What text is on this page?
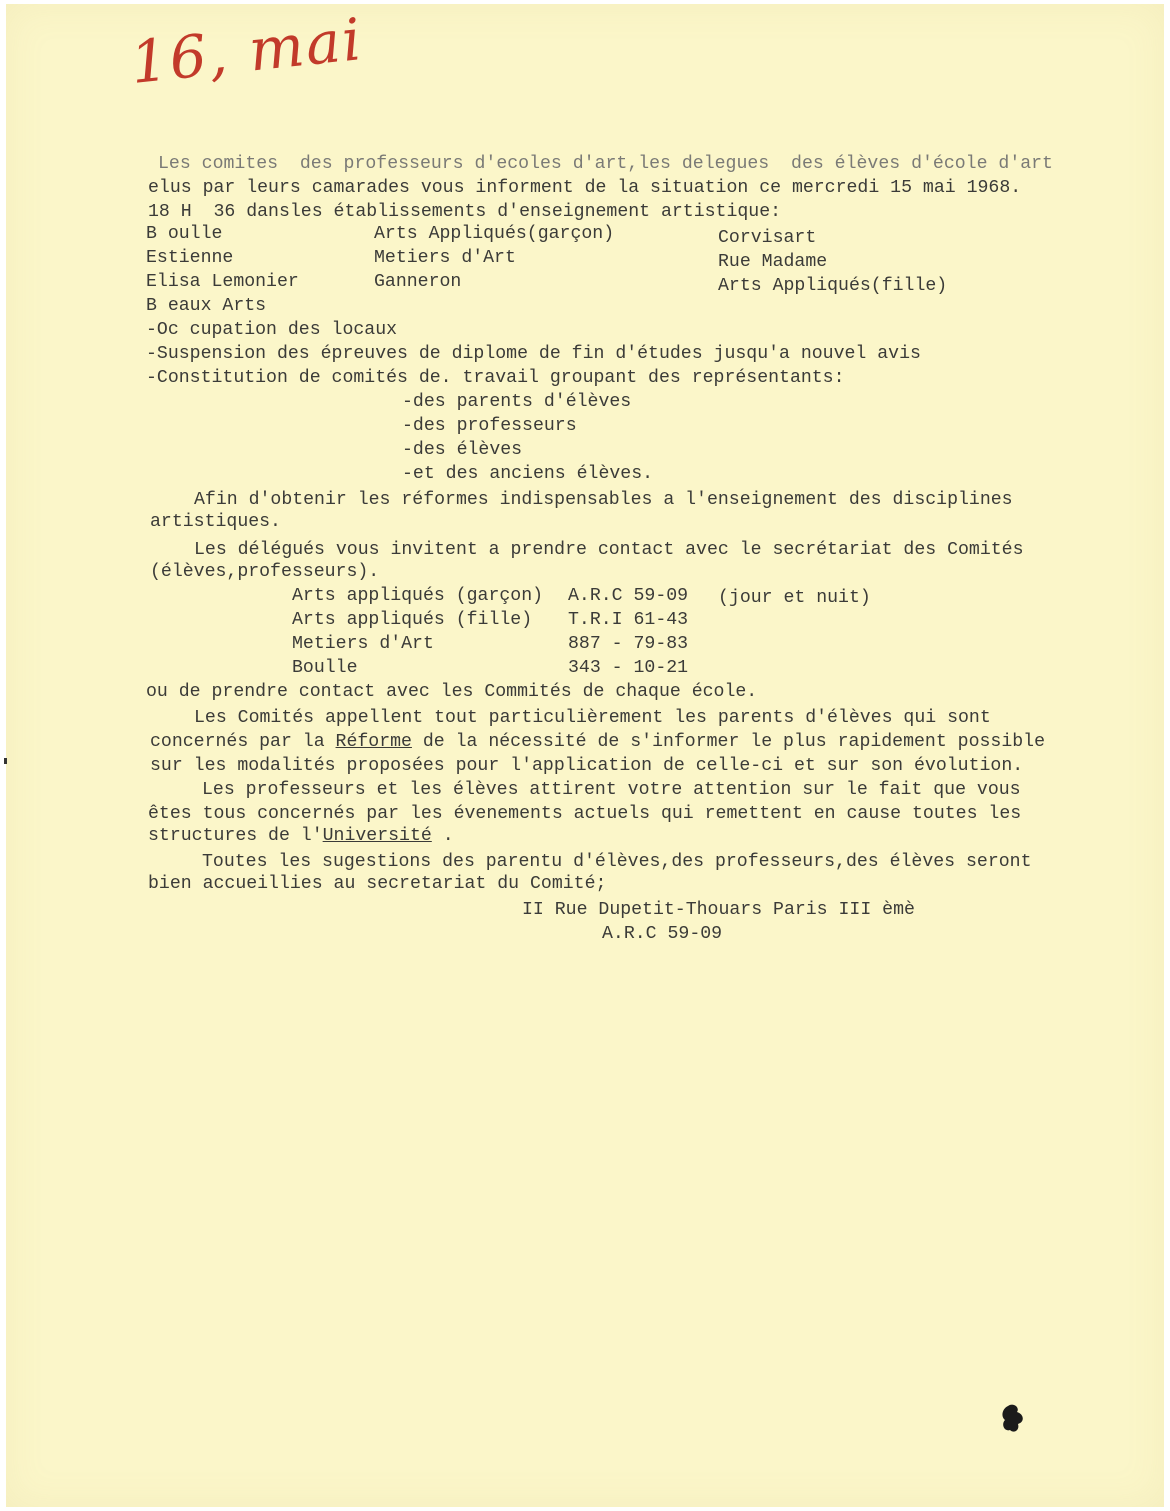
16, mai
Les comites  des professeurs d'ecoles d'art,les delegues  des élèves d'école d'art
elus par leurs camarades vous informent de la situation ce mercredi 15 mai 1968.
18 H  36 dansles établissements d'enseignement artistique:
B oulle
Estienne
Elisa Lemonier
B eaux Arts
Arts Appliqués(garçon)
Metiers d'Art
Ganneron
Corvisart
Rue Madame
Arts Appliqués(fille)
-Oc cupation des locaux
-Suspension des épreuves de diplome de fin d'études jusqu'a nouvel avis
-Constitution de comités de. travail groupant des représentants:
-des parents d'élèves
-des professeurs
-des élèves
-et des anciens élèves.
Afin d'obtenir les réformes indispensables a l'enseignement des disciplines
artistiques.
Les délégués vous invitent a prendre contact avec le secrétariat des Comités
(élèves,professeurs).
Arts appliqués (garçon) A.R.C 59-09 (jour et nuit)
Arts appliqués (fille) T.R.I 61-43
Metiers d'Art	887 - 79-83
Boulle	343 - 10-21
ou de prendre contact avec les Commités de chaque école.
Les Comités appellent tout particulièrement les parents d'élèves qui sont
concernés par la Réforme de la nécessité de s'informer le plus rapidement possible
sur les modalités proposées pour l'application de celle-ci et sur son évolution.
Les professeurs et les élèves attirent votre attention sur le fait que vous
êtes tous concernés par les évenements actuels qui remettent en cause toutes les
structures de l'Université .
Toutes les sugestions des parentu d'élèves,des professeurs,des élèves seront
bien accueillies au secretariat du Comité;
II Rue Dupetit-Thouars Paris III èmè
A.R.C 59-09
